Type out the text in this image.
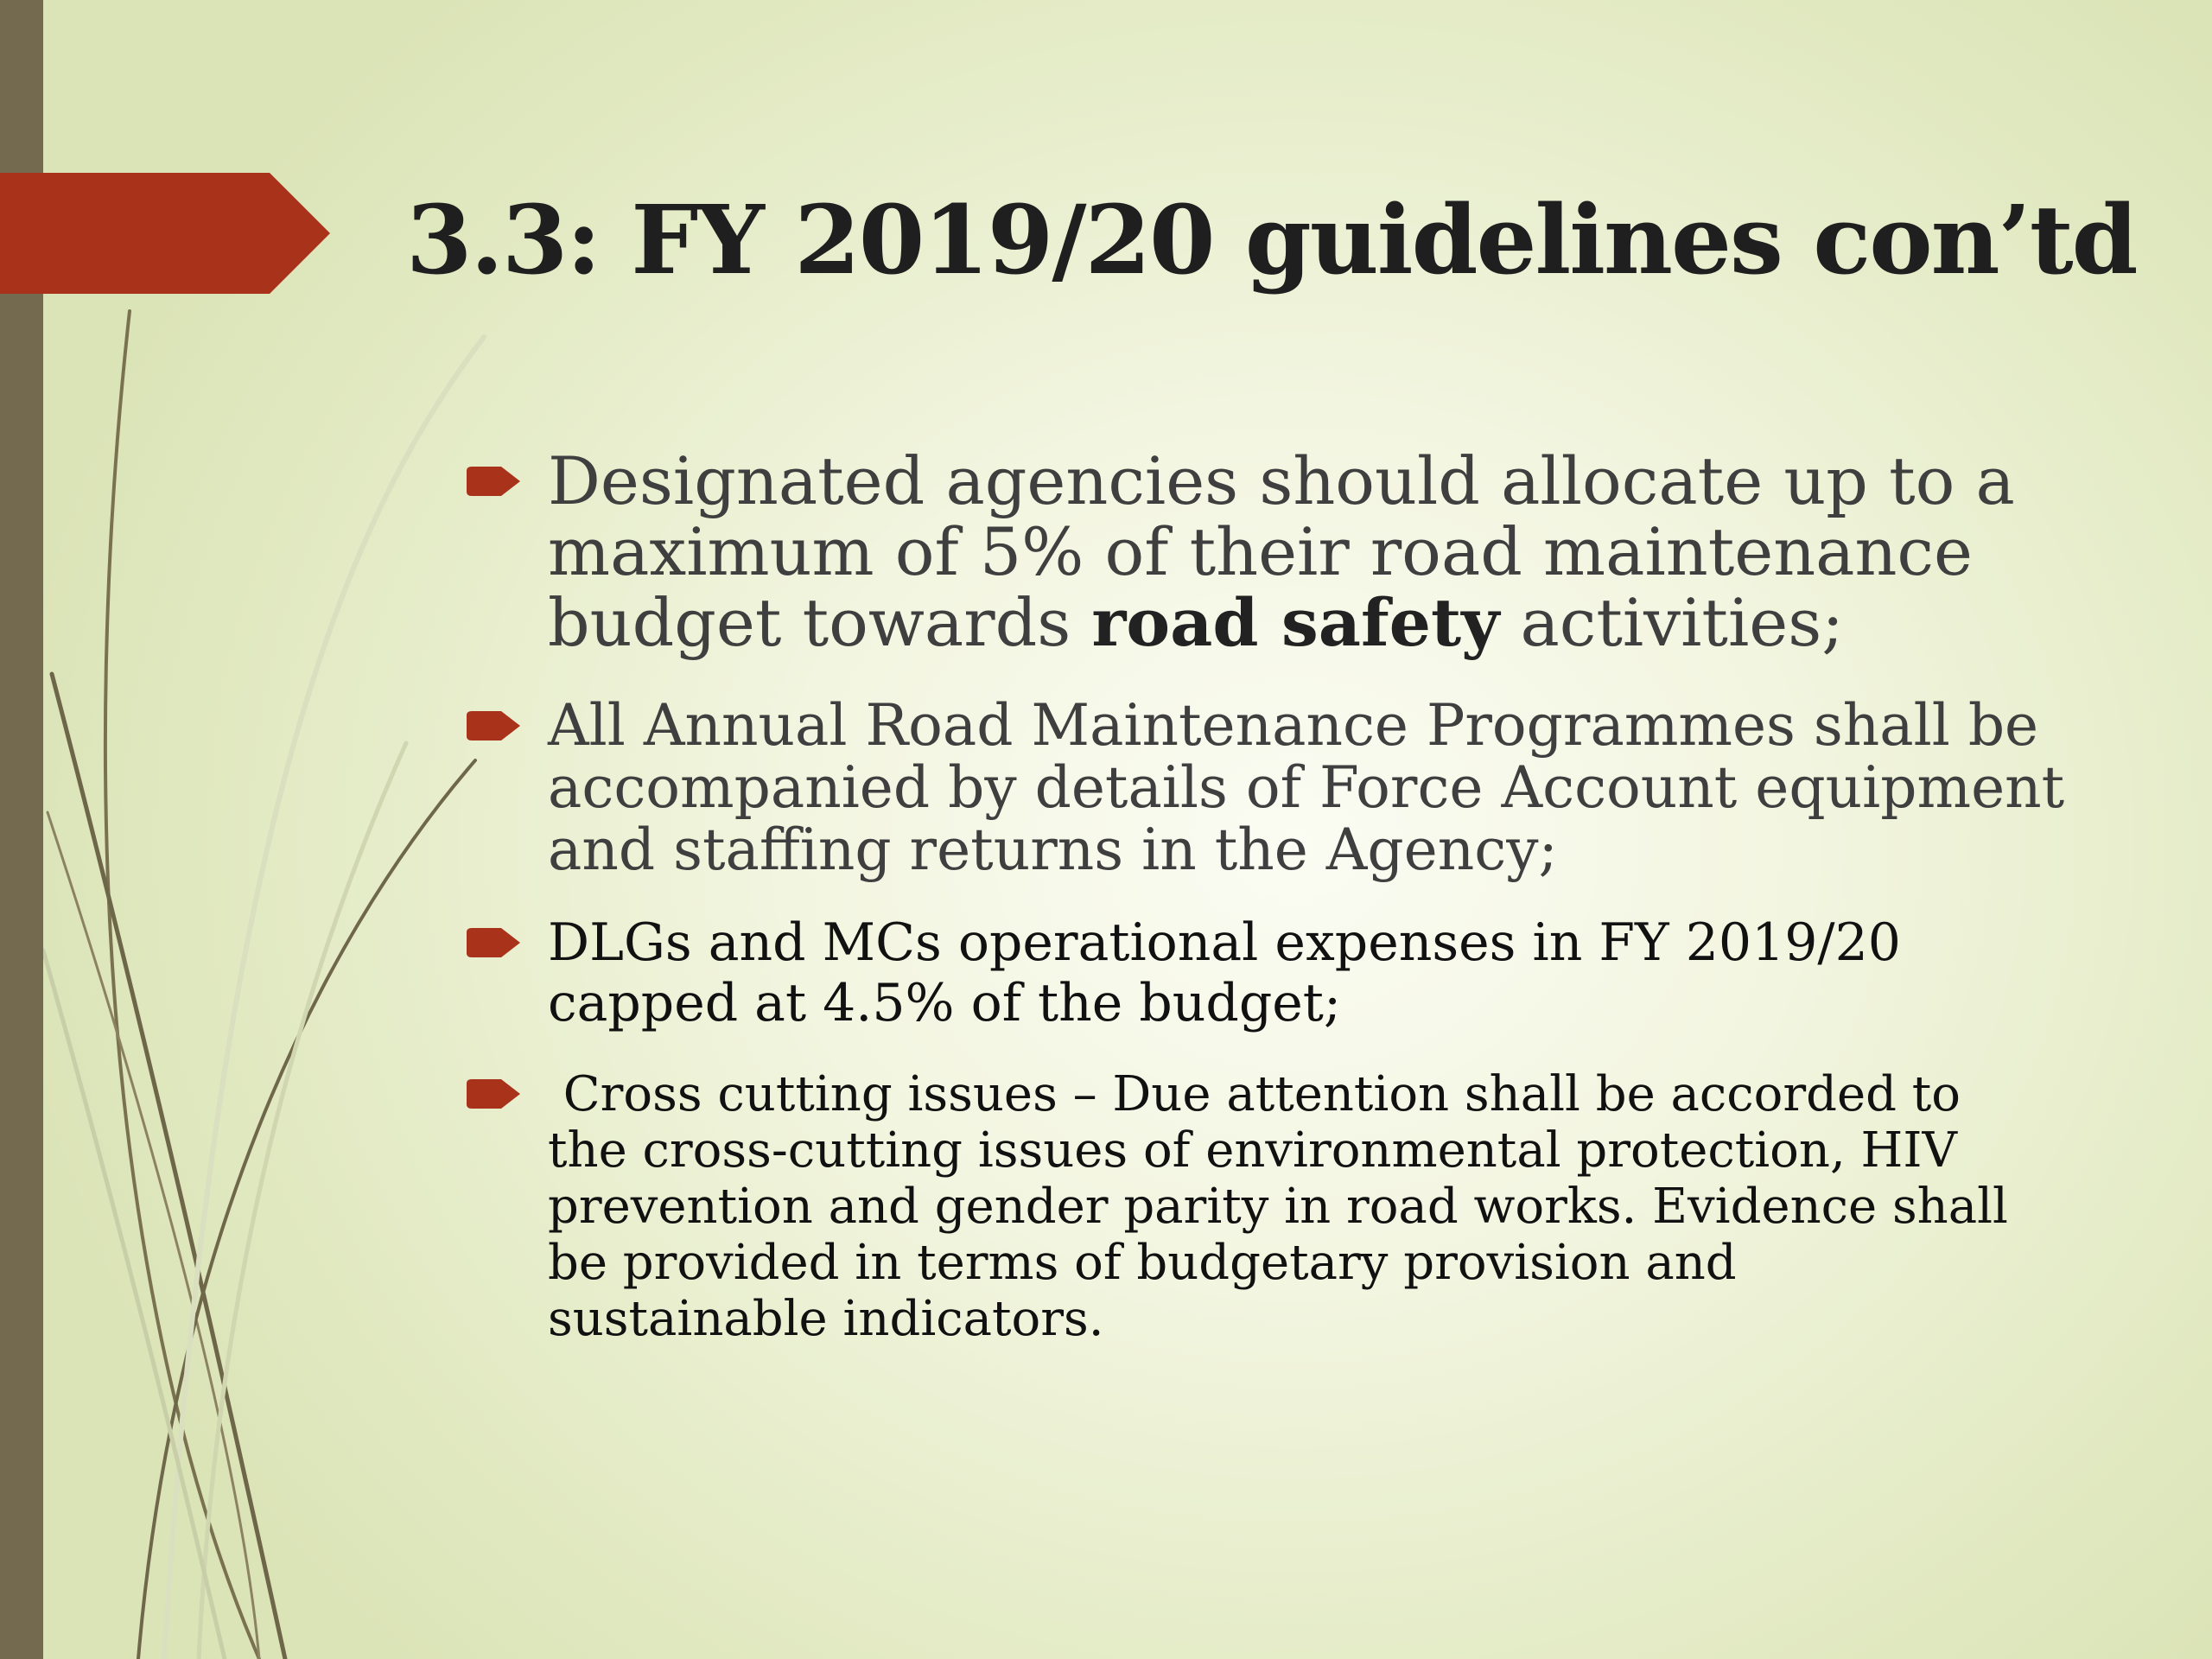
3.3: FY 2019/20 guidelines con’td
Designated agencies should allocate up to a
maximum of 5% of their road maintenance
budget towards road safety activities;
All Annual Road Maintenance Programmes shall be
accompanied by details of Force Account equipment
and staffing returns in the Agency;
DLGs and MCs operational expenses in FY 2019/20
capped at 4.5% of the budget;
Cross cutting issues – Due attention shall be accorded to
the cross-cutting issues of environmental protection, HIV
prevention and gender parity in road works. Evidence shall
be provided in terms of budgetary provision and
sustainable indicators.
